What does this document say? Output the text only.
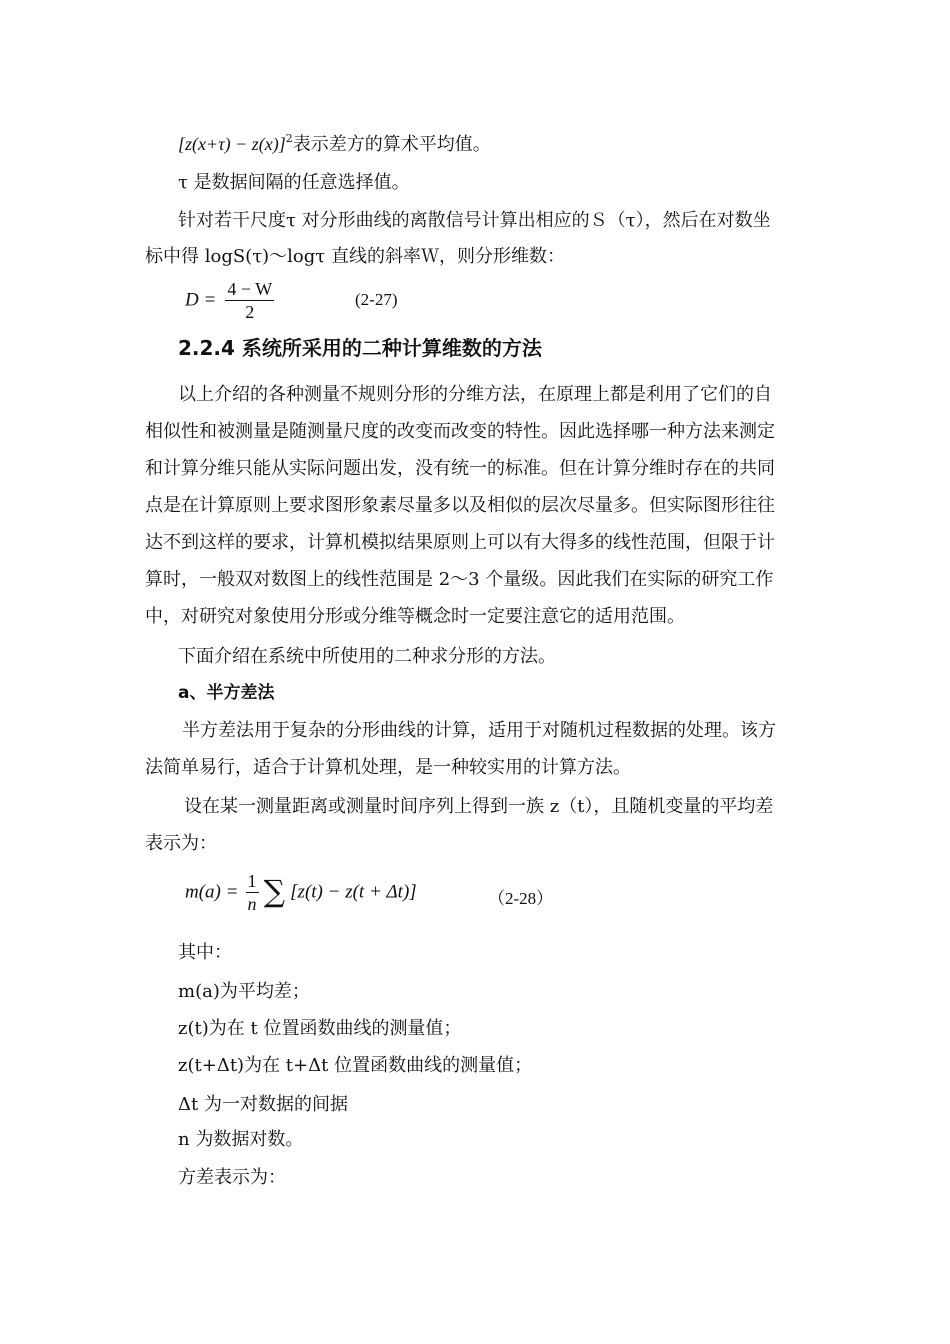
$[z(x+\tau) - z(x)]^2$表示差方的算术平均值。
τ 是数据间隔的任意选择值。
针对若干尺度τ 对分形曲线的离散信号计算出相应的Ｓ（τ），然后在对数坐
标中得 logS(τ)～logτ 直线的斜率Ｗ，则分形维数：
$D = \frac{4 - W}{2}$	(2-27)
2.2.4 系统所采用的二种计算维数的方法
以上介绍的各种测量不规则分形的分维方法，在原理上都是利用了它们的自
相似性和被测量是随测量尺度的改变而改变的特性。因此选择哪一种方法来测定
和计算分维只能从实际问题出发，没有统一的标准。但在计算分维时存在的共同
点是在计算原则上要求图形象素尽量多以及相似的层次尽量多。但实际图形往往
达不到这样的要求，计算机模拟结果原则上可以有大得多的线性范围，但限于计
算时，一般双对数图上的线性范围是 2～3 个量级。因此我们在实际的研究工作
中，对研究对象使用分形或分维等概念时一定要注意它的适用范围。
下面介绍在系统中所使用的二种求分形的方法。
a、半方差法
半方差法用于复杂的分形曲线的计算，适用于对随机过程数据的处理。该方
法简单易行，适合于计算机处理，是一种较实用的计算方法。
设在某一测量距离或测量时间序列上得到一族 z（t），且随机变量的平均差
表示为：
$m(a) = \frac{1}{n}$ ∑ [z(t) − z(t + Δt)]	（2-28）
其中：
m(a)为平均差；
z(t)为在 t 位置函数曲线的测量值；
z(t+Δt)为在 t+Δt 位置函数曲线的测量值；
Δt 为一对数据的间据
n 为数据对数。
方差表示为：
